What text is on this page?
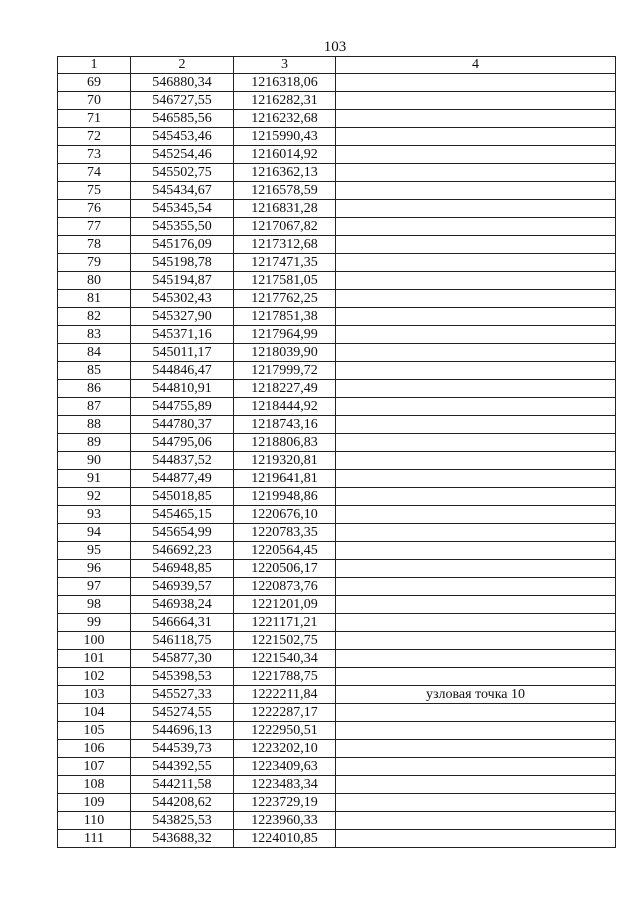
103
1	2	3	4
69	546880,34	1216318,06	
70	546727,55	1216282,31	
71	546585,56	1216232,68	
72	545453,46	1215990,43	
73	545254,46	1216014,92	
74	545502,75	1216362,13	
75	545434,67	1216578,59	
76	545345,54	1216831,28	
77	545355,50	1217067,82	
78	545176,09	1217312,68	
79	545198,78	1217471,35	
80	545194,87	1217581,05	
81	545302,43	1217762,25	
82	545327,90	1217851,38	
83	545371,16	1217964,99	
84	545011,17	1218039,90	
85	544846,47	1217999,72	
86	544810,91	1218227,49	
87	544755,89	1218444,92	
88	544780,37	1218743,16	
89	544795,06	1218806,83	
90	544837,52	1219320,81	
91	544877,49	1219641,81	
92	545018,85	1219948,86	
93	545465,15	1220676,10	
94	545654,99	1220783,35	
95	546692,23	1220564,45	
96	546948,85	1220506,17	
97	546939,57	1220873,76	
98	546938,24	1221201,09	
99	546664,31	1221171,21	
100	546118,75	1221502,75	
101	545877,30	1221540,34	
102	545398,53	1221788,75	
103	545527,33	1222211,84	узловая точка 10
104	545274,55	1222287,17	
105	544696,13	1222950,51	
106	544539,73	1223202,10	
107	544392,55	1223409,63	
108	544211,58	1223483,34	
109	544208,62	1223729,19	
110	543825,53	1223960,33	
111	543688,32	1224010,85	
